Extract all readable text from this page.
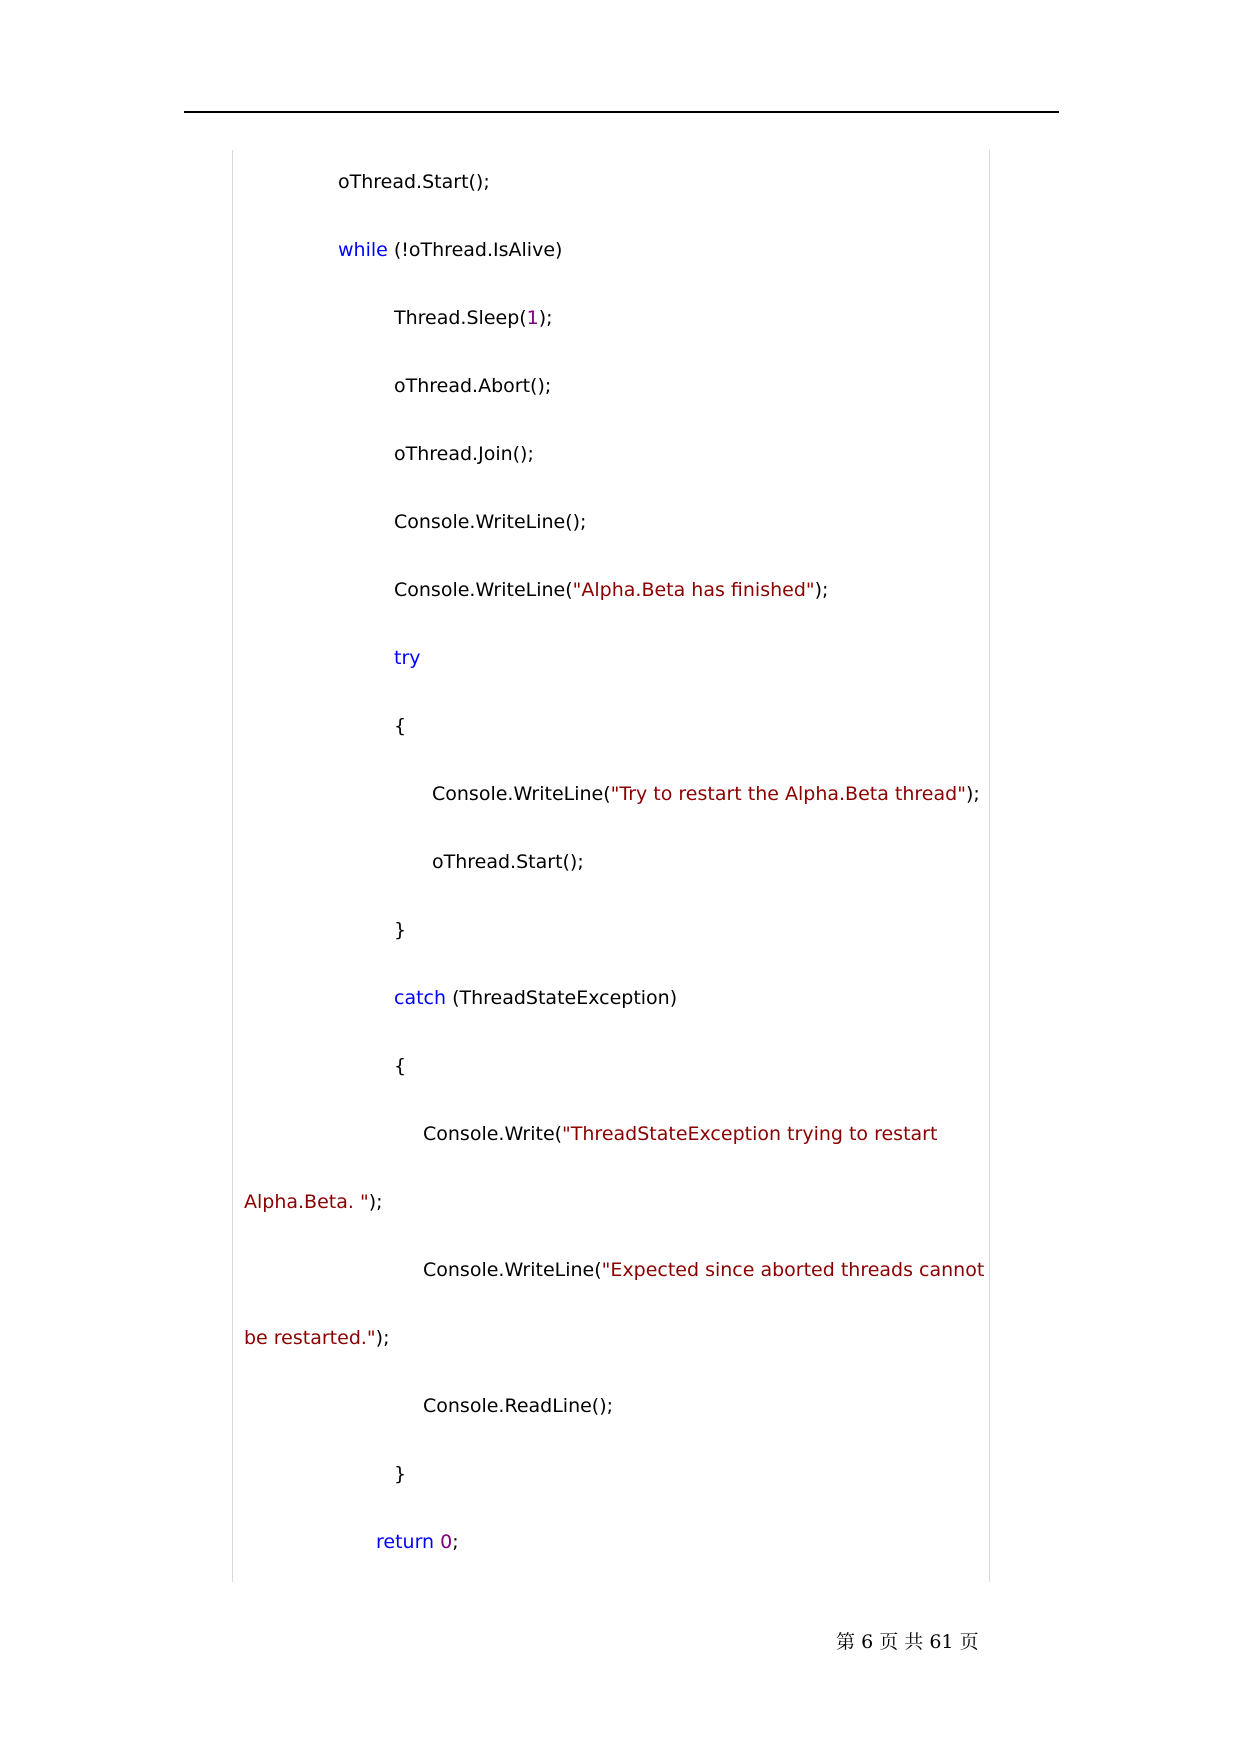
oThread.Start();
while (!oThread.IsAlive)
Thread.Sleep(1);
oThread.Abort();
oThread.Join();
Console.WriteLine();
Console.WriteLine("Alpha.Beta has finished");
try
{
Console.WriteLine("Try to restart the Alpha.Beta thread");
oThread.Start();
}
catch (ThreadStateException)
{
Console.Write("ThreadStateException trying to restart
Alpha.Beta. ");
Console.WriteLine("Expected since aborted threads cannot
be restarted.");
Console.ReadLine();
}
return 0;
第 6 页 共 61 页
